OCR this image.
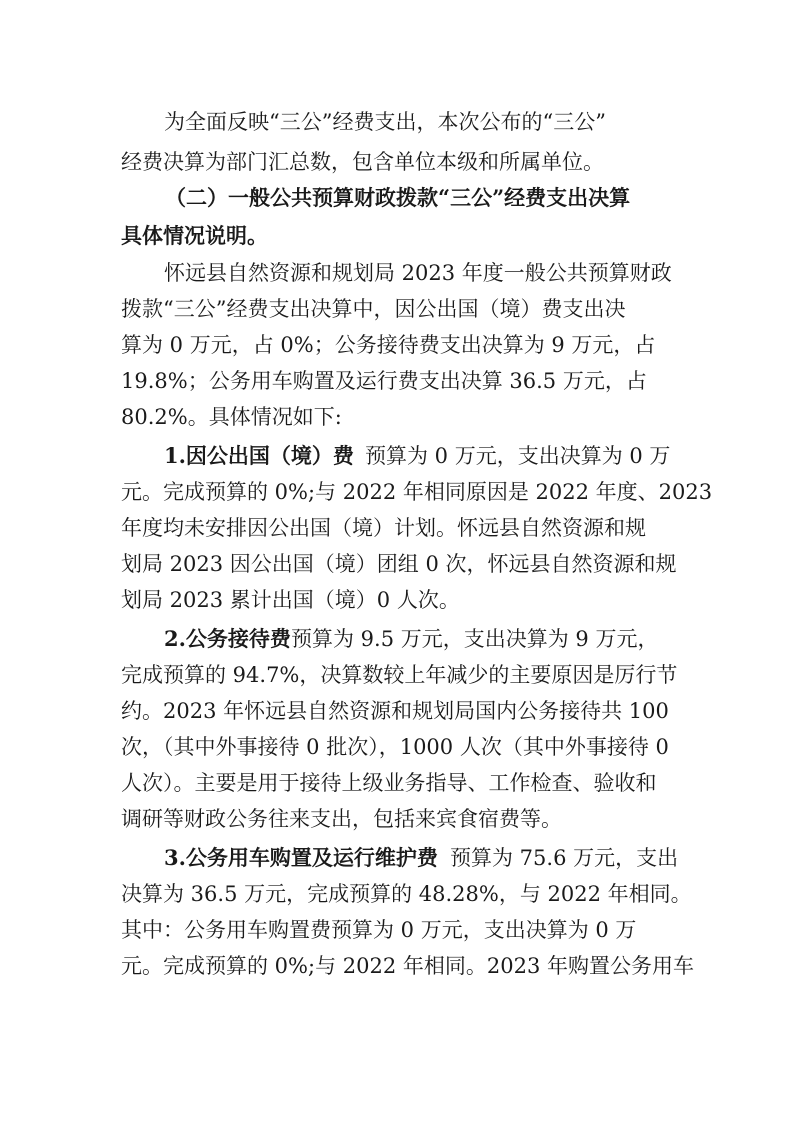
为全面反映“三公”经费支出，本次公布的“三公”
经费决算为部门汇总数，包含单位本级和所属单位。
（二）一般公共预算财政拨款“三公”经费支出决算
具体情况说明。
怀远县自然资源和规划局 2023 年度一般公共预算财政
拨款“三公”经费支出决算中，因公出国（境）费支出决
算为 0 万元，占 0%；公务接待费支出决算为 9 万元，占
19.8%；公务用车购置及运行费支出决算 36.5 万元，占
80.2%。具体情况如下:
1.因公出国（境）费 预算为 0 万元，支出决算为 0 万
元。完成预算的 0%;与 2022 年相同原因是 2022 年度、2023
年度均未安排因公出国（境）计划。怀远县自然资源和规
划局 2023 因公出国（境）团组 0 次，怀远县自然资源和规
划局 2023 累计出国（境）0 人次。
2.公务接待费 预算为 9.5 万元，支出决算为 9 万元，
完成预算的 94.7%，决算数较上年减少的主要原因是厉行节
约。2023 年怀远县自然资源和规划局国内公务接待共 100
次，（其中外事接待 0 批次），1000 人次（其中外事接待 0
人次）。主要是用于接待上级业务指导、工作检查、验收和
调研等财政公务往来支出，包括来宾食宿费等。
3.公务用车购置及运行维护费 预算为 75.6 万元，支出
决算为 36.5 万元，完成预算的 48.28%，与 2022 年相同。
其中：公务用车购置费预算为 0 万元，支出决算为 0 万
元。完成预算的 0%;与 2022 年相同。2023 年购置公务用车
